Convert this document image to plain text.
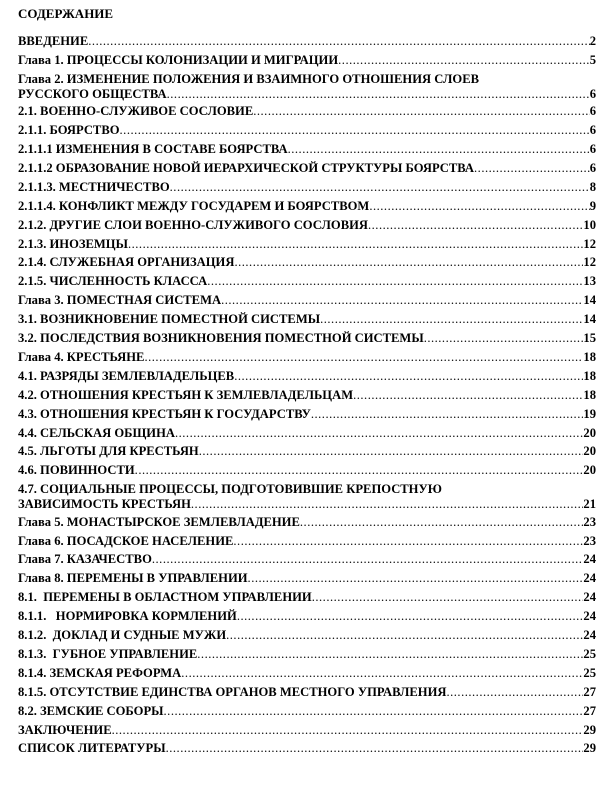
СОДЕРЖАНИЕ
ВВЕДЕНИЕ .....	2
Глава 1. ПРОЦЕССЫ КОЛОНИЗАЦИИ И МИГРАЦИИ .....	5
Глава 2. ИЗМЕНЕНИЕ ПОЛОЖЕНИЯ И ВЗАИМНОГО ОТНОШЕНИЯ СЛОЕВ
РУССКОГО ОБЩЕСТВА .....	6
2.1. ВОЕННО-СЛУЖИВОЕ СОСЛОВИЕ .....	6
2.1.1. БОЯРСТВО .....	6
2.1.1.1 ИЗМЕНЕНИЯ В СОСТАВЕ БОЯРСТВА .....	6
2.1.1.2 ОБРАЗОВАНИЕ НОВОЙ ИЕРАРХИЧЕСКОЙ СТРУКТУРЫ БОЯРСТВА .....	6
2.1.1.3. МЕСТНИЧЕСТВО .....	8
2.1.1.4. КОНФЛИКТ МЕЖДУ ГОСУДАРЕМ И БОЯРСТВОМ .....	9
2.1.2. ДРУГИЕ СЛОИ ВОЕННО-СЛУЖИВОГО СОСЛОВИЯ .....	10
2.1.3. ИНОЗЕМЦЫ .....	12
2.1.4. СЛУЖЕБНАЯ ОРГАНИЗАЦИЯ .....	12
2.1.5. ЧИСЛЕННОСТЬ КЛАССА .....	13
Глава 3. ПОМЕСТНАЯ СИСТЕМА .....	14
3.1. ВОЗНИКНОВЕНИЕ ПОМЕСТНОЙ СИСТЕМЫ .....	14
3.2. ПОСЛЕДСТВИЯ ВОЗНИКНОВЕНИЯ ПОМЕСТНОЙ СИСТЕМЫ .....	15
Глава 4. КРЕСТЬЯНЕ .....	18
4.1. РАЗРЯДЫ ЗЕМЛЕВЛАДЕЛЬЦЕВ .....	18
4.2. ОТНОШЕНИЯ КРЕСТЬЯН К ЗЕМЛЕВЛАДЕЛЬЦАМ .....	18
4.3. ОТНОШЕНИЯ КРЕСТЬЯН К ГОСУДАРСТВУ .....	19
4.4. СЕЛЬСКАЯ ОБЩИНА .....	20
4.5. ЛЬГОТЫ ДЛЯ КРЕСТЬЯН .....	20
4.6. ПОВИННОСТИ .....	20
4.7. СОЦИАЛЬНЫЕ ПРОЦЕССЫ, ПОДГОТОВИВШИЕ КРЕПОСТНУЮ
ЗАВИСИМОСТЬ КРЕСТЬЯН .....	21
Глава 5. МОНАСТЫРСКОЕ ЗЕМЛЕВЛАДЕНИЕ .....	23
Глава 6. ПОСАДСКОЕ НАСЕЛЕНИЕ .....	23
Глава 7. КАЗАЧЕСТВО .....	24
Глава 8. ПЕРЕМЕНЫ В УПРАВЛЕНИИ .....	24
8.1.  ПЕРЕМЕНЫ В ОБЛАСТНОМ УПРАВЛЕНИИ .....	24
8.1.1.   НОРМИРОВКА КОРМЛЕНИЙ .....	24
8.1.2.  ДОКЛАД И СУДНЫЕ МУЖИ .....	24
8.1.3.  ГУБНОЕ УПРАВЛЕНИЕ .....	25
8.1.4. ЗЕМСКАЯ РЕФОРМА .....	25
8.1.5. ОТСУТСТВИЕ ЕДИНСТВА ОРГАНОВ МЕСТНОГО УПРАВЛЕНИЯ .....	27
8.2. ЗЕМСКИЕ СОБОРЫ .....	27
ЗАКЛЮЧЕНИЕ .....	29
СПИСОК ЛИТЕРАТУРЫ .....	29
